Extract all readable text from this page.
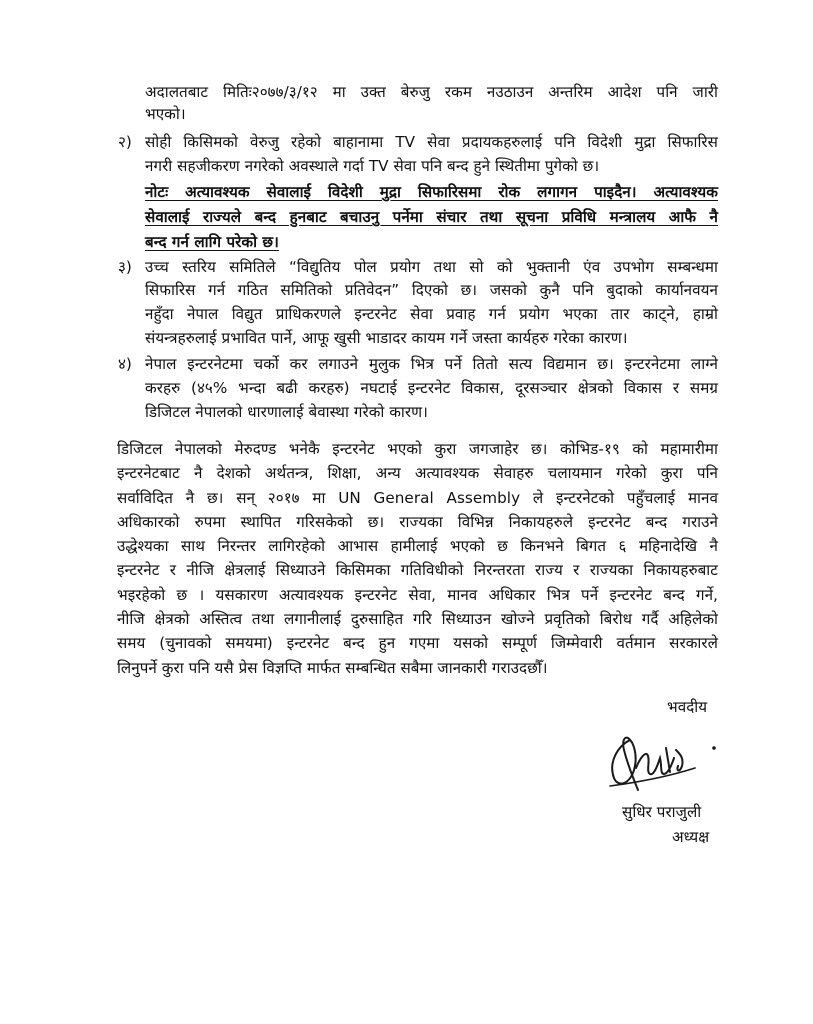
अदालतबाट मितिः२०७७/३/१२ मा उक्त बेरुजु रकम नउठाउन अन्तरिम आदेश पनि जारी
भएको।
२) सोही किसिमको वेरुजु रहेको बाहानामा TV सेवा प्रदायकहरुलाई पनि विदेशी मुद्रा सिफारिस
नगरी सहजीकरण नगरेको अवस्थाले गर्दा TV सेवा पनि बन्द हुने स्थितीमा पुगेको छ।
नोटः अत्यावश्यक सेवालाई विदेशी मुद्रा सिफारिसमा रोक लगागन पाइदैन। अत्यावश्यक
सेवालाई राज्यले बन्द हुनबाट बचाउनु पर्नेमा संचार तथा सूचना प्रविधि मन्त्रालय आफै नै
बन्द गर्न लागि परेको छ।
३) उच्च स्तरिय समितिले “विद्युतिय पोल प्रयोग तथा सो को भुक्तानी एंव उपभोग सम्बन्धमा
सिफारिस गर्न गठित समितिको प्रतिवेदन” दिएको छ। जसको कुनै पनि बुदाको कार्यानवयन
नहुँदा नेपाल विद्युत प्राधिकरणले इन्टरनेट सेवा प्रवाह गर्न प्रयोग भएका तार काट्ने, हाम्रो
संयन्त्रहरुलाई प्रभावित पार्ने, आफू खुसी भाडादर कायम गर्ने जस्ता कार्यहरु गरेका कारण।
४) नेपाल इन्टरनेटमा चर्को कर लगाउने मुलुक भित्र पर्ने तितो सत्य विद्यमान छ। इन्टरनेटमा लाग्ने
करहरु (४५% भन्दा बढी करहरु) नघटाई इन्टरनेट विकास, दूरसञ्चार क्षेत्रको विकास र समग्र
डिजिटल नेपालको धारणालाई बेवास्था गरेको कारण।
डिजिटल नेपालको मेरुदण्ड भनेकै इन्टरनेट भएको कुरा जगजाहेर छ। कोभिड-१९ को महामारीमा
इन्टरनेटबाट नै देशको अर्थतन्त्र, शिक्षा, अन्य अत्यावश्यक सेवाहरु चलायमान गरेको कुरा पनि
सर्वाविदित नै छ। सन् २०१७ मा UN General Assembly ले इन्टरनेटको पहुँचलाई मानव
अधिकारको रुपमा स्थापित गरिसकेको छ। राज्यका विभिन्न निकायहरुले इन्टरनेट बन्द गराउने
उद्धेश्यका साथ निरन्तर लागिरहेको आभास हामीलाई भएको छ किनभने बिगत ६ महिनादेखि नै
इन्टरनेट र नीजि क्षेत्रलाई सिध्याउने किसिमका गतिविधीको निरन्तरता राज्य र राज्यका निकायहरुबाट
भइरहेको छ । यसकारण अत्यावश्यक इन्टरनेट सेवा, मानव अधिकार भित्र पर्ने इन्टरनेट बन्द गर्ने,
नीजि क्षेत्रको अस्तित्व तथा लगानीलाई दुरुसाहित गरि सिध्याउन खोज्ने प्रवृतिको बिरोध गर्दै अहिलेको
समय (चुनावको समयमा) इन्टरनेट बन्द हुन गएमा यसको सम्पूर्ण जिम्मेवारी वर्तमान सरकारले
लिनुपर्ने कुरा पनि यसै प्रेस विज्ञप्ति मार्फत सम्बन्धित सबैमा जानकारी गराउदछौँ।
भवदीय
सुधिर पराजुली
अध्यक्ष
